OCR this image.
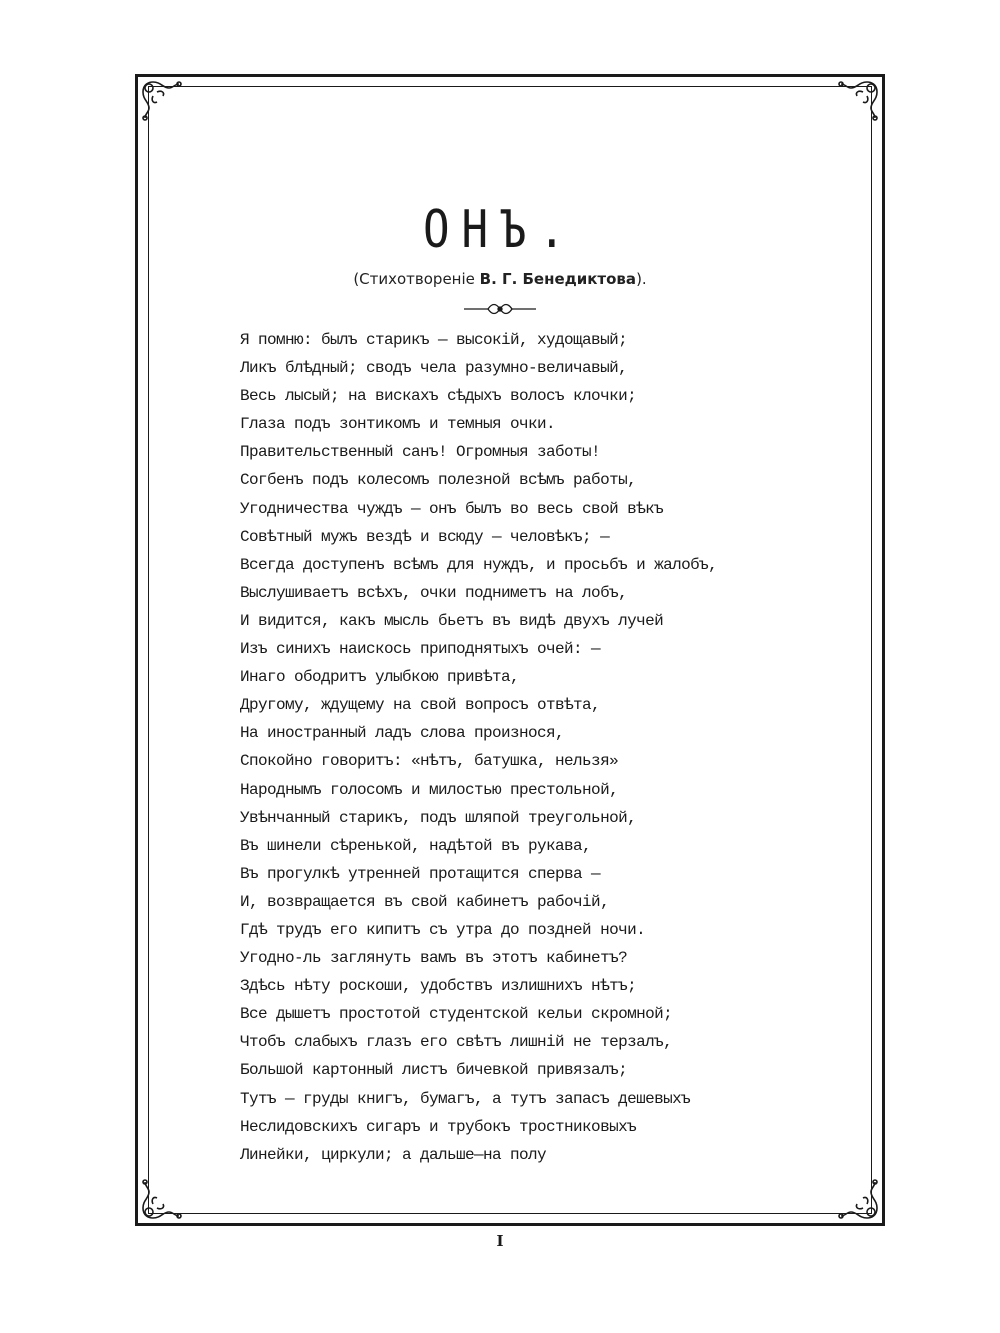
ОНЪ.
(Стихотвореніе В. Г. Бенедиктова).
Я помню: былъ старикъ — высокій, худощавый;
Ликъ блѣдный; сводъ чела разумно-величавый,
Весь лысый; на вискахъ сѣдыхъ волосъ клочки;
Глаза подъ зонтикомъ и темныя очки.
Правительственный санъ! Огромныя заботы!
Согбенъ подъ колесомъ полезной всѣмъ работы,
Угодничества чуждъ — онъ былъ во весь свой вѣкъ
Совѣтный мужъ вездѣ и всюду — человѣкъ; —
Всегда доступенъ всѣмъ для нуждъ, и просьбъ и жалобъ,
Выслушиваетъ всѣхъ, очки подниметъ на лобъ,
И видится, какъ мысль бьетъ въ видѣ двухъ лучей
Изъ синихъ наискось приподнятыхъ очей: —
Инаго ободритъ улыбкою привѣта,
Другому, ждущему на свой вопросъ отвѣта,
На иностранный ладъ слова произнося,
Спокойно говоритъ: «нѣтъ, батушка, нельзя»
Народнымъ голосомъ и милостью престольной,
Увѣнчанный старикъ, подъ шляпой треугольной,
Въ шинели сѣренькой, надѣтой въ рукава,
Въ прогулкѣ утренней протащится сперва —
И, возвращается въ свой кабинетъ рабочій,
Гдѣ трудъ его кипитъ съ утра до поздней ночи.
Угодно-ль заглянуть вамъ въ этотъ кабинетъ?
Здѣсь нѣту роскоши, удобствъ излишнихъ нѣтъ;
Все дышетъ простотой студентской кельи скромной;
Чтобъ слабыхъ глазъ его свѣтъ лишній не терзалъ,
Большой картонный листъ бичевкой привязалъ;
Тутъ — груды книгъ, бумагъ, а тутъ запасъ дешевыхъ
Неслидовскихъ сигаръ и трубокъ тростниковыхъ
Линейки, циркули; а дальше—на полу
I
